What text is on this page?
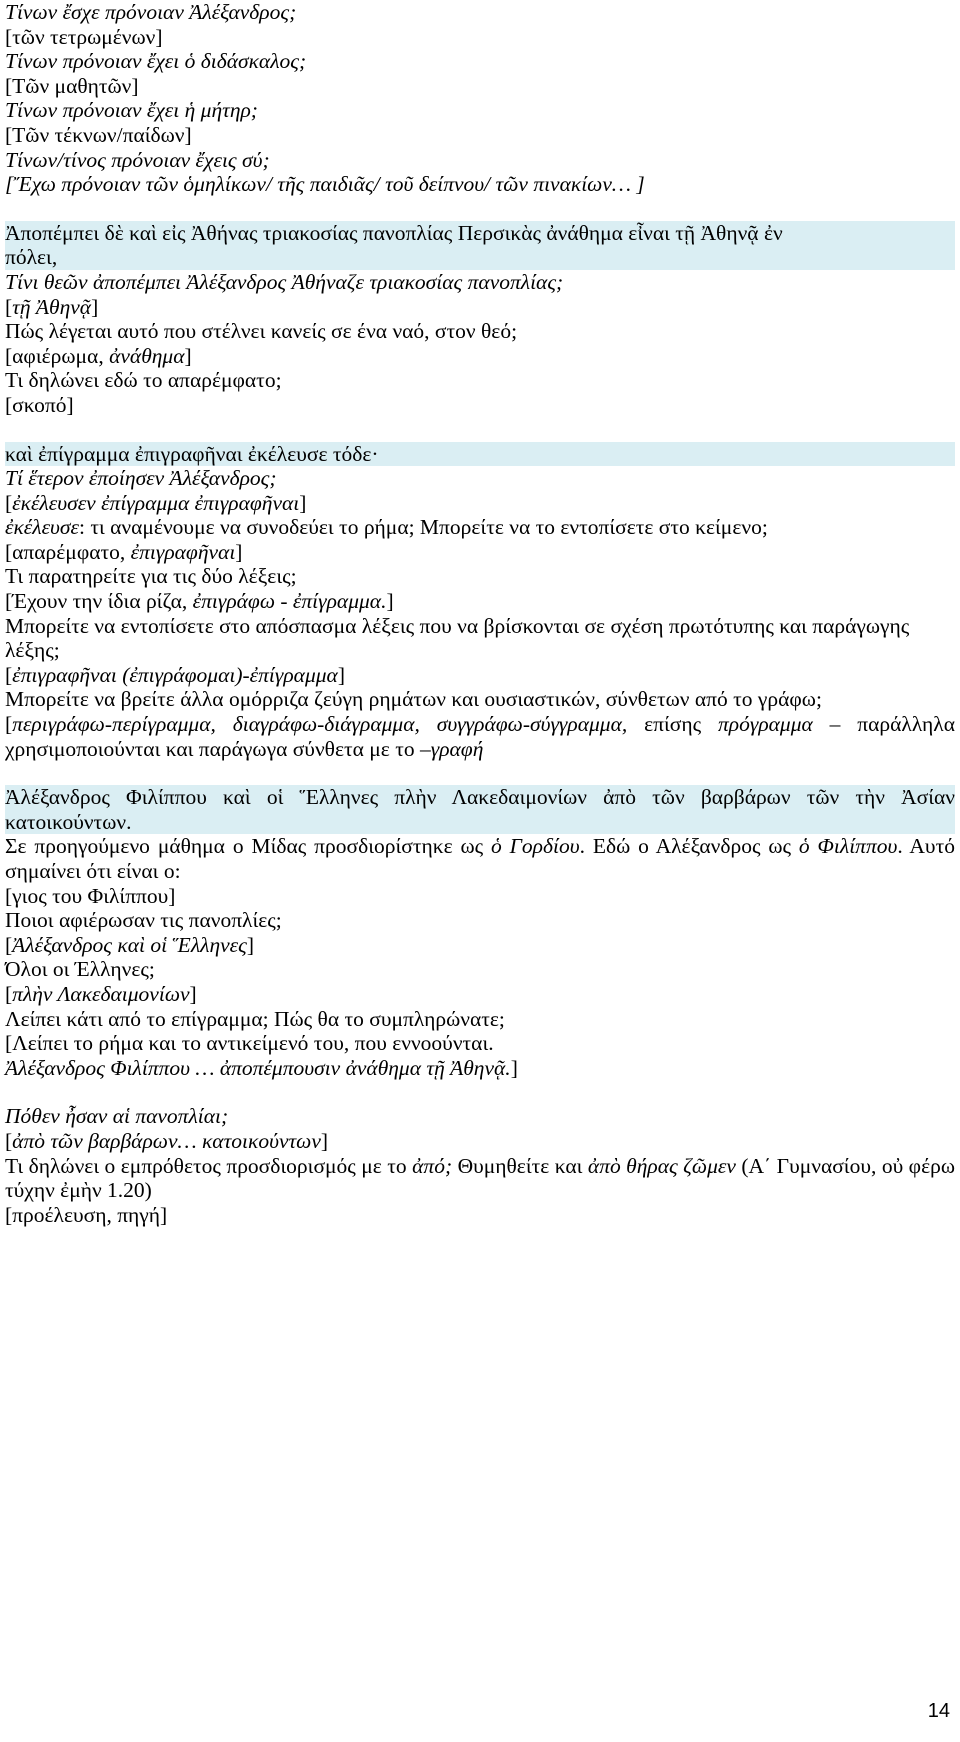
Τίνων ἔσχε πρόνοιαν Ἀλέξανδρος;
[τῶν τετρωμένων]
Τίνων πρόνοιαν ἔχει ὁ διδάσκαλος;
[Τῶν μαθητῶν]
Τίνων πρόνοιαν ἔχει ἡ μήτηρ;
[Τῶν τέκνων/παίδων]
Τίνων/τίνος πρόνοιαν ἔχεις σύ;
[Ἔχω πρόνοιαν τῶν ὁμηλίκων/ τῆς παιδιᾶς/ τοῦ δείπνου/ τῶν πινακίων… ]
Ἀποπέμπει δὲ καὶ εἰς Ἀθήνας τριακοσίας πανοπλίας Περσικὰς ἀνάθημα εἶναι τῇ Ἀθηνᾷ ἐν
πόλει,
Τίνι θεῶν ἀποπέμπει Ἀλέξανδρος Ἀθήναζε τριακοσίας πανοπλίας;
[τῇ Ἀθηνᾷ]
Πώς λέγεται αυτό που στέλνει κανείς σε ένα ναό, στον θεό;
[αφιέρωμα, ἀνάθημα]
Τι δηλώνει εδώ το απαρέμφατο;
[σκοπό]
καὶ ἐπίγραμμα ἐπιγραφῆναι ἐκέλευσε τόδε·
Τί ἕτερον ἐποίησεν Ἀλέξανδρος;
[ἐκέλευσεν ἐπίγραμμα ἐπιγραφῆναι]
ἐκέλευσε: τι αναμένουμε να συνοδεύει το ρήμα; Μπορείτε να το εντοπίσετε στο κείμενο;
[απαρέμφατο, ἐπιγραφῆναι]
Τι παρατηρείτε για τις δύο λέξεις;
[Έχουν την ίδια ρίζα, ἐπιγράφω - ἐπίγραμμα.]
Μπορείτε να εντοπίσετε στο απόσπασμα λέξεις που να βρίσκονται σε σχέση πρωτότυπης και παράγωγης λέξης;
[ἐπιγραφῆναι (ἐπιγράφομαι)-ἐπίγραμμα]
Μπορείτε να βρείτε άλλα ομόρριζα ζεύγη ρημάτων και ουσιαστικών, σύνθετων από το γράφω;
[περιγράφω-περίγραμμα, διαγράφω-διάγραμμα, συγγράφω-σύγγραμμα, επίσης πρόγραμμα – παράλληλα χρησιμοποιούνται και παράγωγα σύνθετα με το –γραφή
Ἀλέξανδρος Φιλίππου καὶ οἱ Ἕλληνες πλὴν Λακεδαιμονίων ἀπὸ τῶν βαρβάρων τῶν τὴν Ἀσίαν κατοικούντων.
Σε προηγούμενο μάθημα ο Μίδας προσδιορίστηκε ως ὁ Γορδίου. Εδώ ο Αλέξανδρος ως ὁ Φιλίππου. Αυτό σημαίνει ότι είναι ο:
[γιος του Φιλίππου]
Ποιοι αφιέρωσαν τις πανοπλίες;
[Ἀλέξανδρος καὶ οἱ Ἕλληνες]
Όλοι οι Έλληνες;
[πλὴν Λακεδαιμονίων]
Λείπει κάτι από το επίγραμμα; Πώς θα το συμπληρώνατε;
[Λείπει το ρήμα και το αντικείμενό του, που εννοούνται.
Ἀλέξανδρος Φιλίππου … ἀποπέμπουσιν ἀνάθημα τῇ Ἀθηνᾷ.]
Πόθεν ἦσαν αἱ πανοπλίαι;
[ἀπὸ τῶν βαρβάρων… κατοικούντων]
Τι δηλώνει ο εμπρόθετος προσδιορισμός με το ἀπό; Θυμηθείτε και ἀπὸ θήρας ζῶμεν (Α΄ Γυμνασίου, οὐ φέρω τύχην ἐμὴν 1.20)
[προέλευση, πηγή]
14
